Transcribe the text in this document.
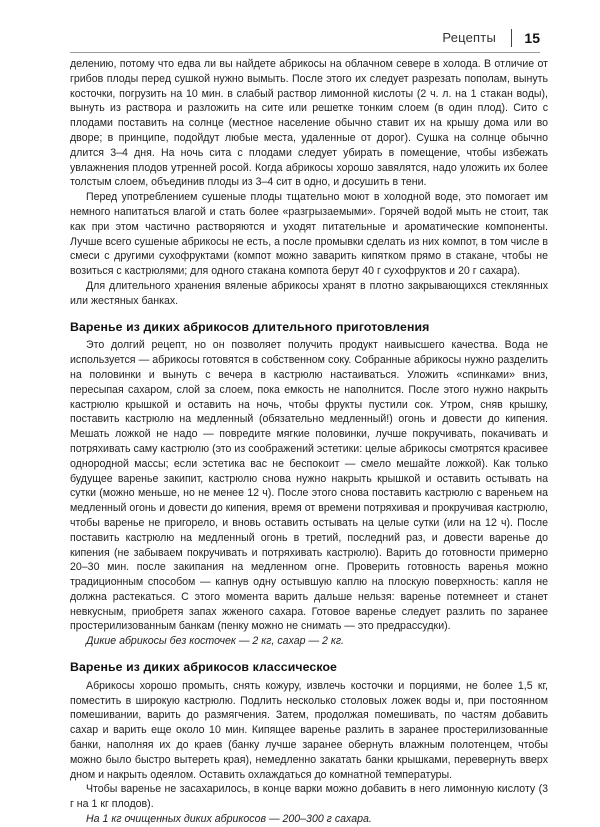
Рецепты 15

делению, потому что едва ли вы найдете абрикосы на облачном севере в холода. В отличие от грибов плоды перед сушкой нужно вымыть. После этого их следует разрезать пополам, вынуть косточки, погрузить на 10 мин. в слабый раствор лимонной кислоты (2 ч. л. на 1 стакан воды), вынуть из раствора и разложить на сите или решетке тонким слоем (в один плод). Сито с плодами поставить на солнце (местное население обычно ставит их на крышу дома или во дворе; в принципе, подойдут любые места, удаленные от дорог). Сушка на солнце обычно длится 3–4 дня. На ночь сита с плодами следует убирать в помещение, чтобы избежать увлажнения плодов утренней росой. Когда абрикосы хорошо завялятся, надо уложить их более толстым слоем, объединив плоды из 3–4 сит в одно, и досушить в тени.

Перед употреблением сушеные плоды тщательно моют в холодной воде, это помогает им немного напитаться влагой и стать более «разгрызаемыми». Горячей водой мыть не стоит, так как при этом частично растворяются и уходят питательные и ароматические компоненты. Лучше всего сушеные абрикосы не есть, а после промывки сделать из них компот, в том числе в смеси с другими сухофруктами (компот можно заварить кипятком прямо в стакане, чтобы не возиться с кастрюлями; для одного стакана компота берут 40 г сухофруктов и 20 г сахара).

Для длительного хранения вяленые абрикосы хранят в плотно закрывающихся стеклянных или жестяных банках.

Варенье из диких абрикосов длительного приготовления

Это долгий рецепт, но он позволяет получить продукт наивысшего качества. Вода не используется — абрикосы готовятся в собственном соку. Собранные абрикосы нужно разделить на половинки и вынуть с вечера в кастрюлю настаиваться. Уложить «спинками» вниз, пересыпая сахаром, слой за слоем, пока емкость не наполнится. После этого нужно накрыть кастрюлю крышкой и оставить на ночь, чтобы фрукты пустили сок. Утром, сняв крышку, поставить кастрюлю на медленный (обязательно медленный!) огонь и довести до кипения. Мешать ложкой не надо — повредите мягкие половинки, лучше покручивать, покачивать и потряхивать саму кастрюлю (это из соображений эстетики: целые абрикосы смотрятся красивее однородной массы; если эстетика вас не беспокоит — смело мешайте ложкой). Как только будущее варенье закипит, кастрюлю снова нужно накрыть крышкой и оставить остывать на сутки (можно меньше, но не менее 12 ч). После этого снова поставить кастрюлю с вареньем на медленный огонь и довести до кипения, время от времени потряхивая и прокручивая кастрюлю, чтобы варенье не пригорело, и вновь оставить остывать на целые сутки (или на 12 ч). После поставить кастрюлю на медленный огонь в третий, последний раз, и довести варенье до кипения (не забываем покручивать и потряхивать кастрюлю). Варить до готовности примерно 20–30 мин. после закипания на медленном огне. Проверить готовность варенья можно традиционным способом — капнув одну остывшую каплю на плоскую поверхность: капля не должна растекаться. С этого момента варить дальше нельзя: варенье потемнеет и станет невкусным, приобретя запах жженого сахара. Готовое варенье следует разлить по заранее простерилизованным банкам (пенку можно не снимать — это предрассудки).

Дикие абрикосы без косточек — 2 кг, сахар — 2 кг.

Варенье из диких абрикосов классическое

Абрикосы хорошо промыть, снять кожуру, извлечь косточки и порциями, не более 1,5 кг, поместить в широкую кастрюлю. Подлить несколько столовых ложек воды и, при постоянном помешивании, варить до размягчения. Затем, продолжая помешивать, по частям добавить сахар и варить еще около 10 мин. Кипящее варенье разлить в заранее простерилизованные банки, наполняя их до краев (банку лучше заранее обернуть влажным полотенцем, чтобы можно было быстро вытереть края), немедленно закатать банки крышками, перевернуть вверх дном и накрыть одеялом. Оставить охлаждаться до комнатной температуры.

Чтобы варенье не засахарилось, в конце варки можно добавить в него лимонную кислоту (3 г на 1 кг плодов).

На 1 кг очищенных диких абрикосов — 200–300 г сахара.
